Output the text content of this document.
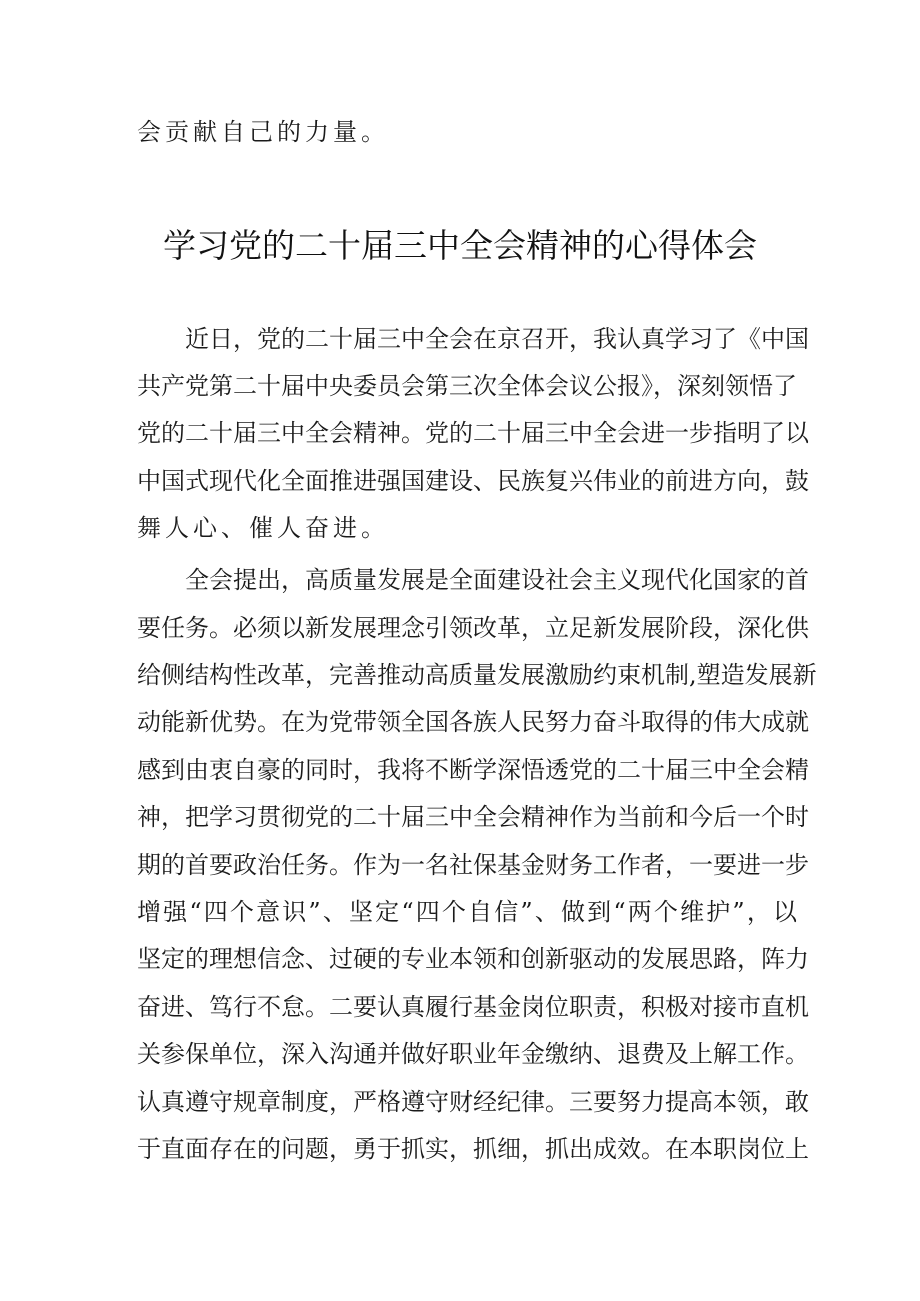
会贡献自己的力量。
学习党的二十届三中全会精神的心得体会
近日，党的二十届三中全会在京召开，我认真学习了《中国
共产党第二十届中央委员会第三次全体会议公报》，深刻领悟了
党的二十届三中全会精神。党的二十届三中全会进一步指明了以
中国式现代化全面推进强国建设、民族复兴伟业的前进方向，鼓
舞人心、催人奋进。
全会提出，高质量发展是全面建设社会主义现代化国家的首
要任务。必须以新发展理念引领改革，立足新发展阶段，深化供
给侧结构性改革，完善推动高质量发展激励约束机制,塑造发展新
动能新优势。在为党带领全国各族人民努力奋斗取得的伟大成就
感到由衷自豪的同时，我将不断学深悟透党的二十届三中全会精
神，把学习贯彻党的二十届三中全会精神作为当前和今后一个时
期的首要政治任务。作为一名社保基金财务工作者，一要进一步
增强“四个意识”、坚定“四个自信”、做到“两个维护”，以
坚定的理想信念、过硬的专业本领和创新驱动的发展思路，阵力
奋进、笃行不怠。二要认真履行基金岗位职责，积极对接市直机
关参保单位，深入沟通并做好职业年金缴纳、退费及上解工作。
认真遵守规章制度，严格遵守财经纪律。三要努力提高本领，敢
于直面存在的问题，勇于抓实，抓细，抓出成效。在本职岗位上
